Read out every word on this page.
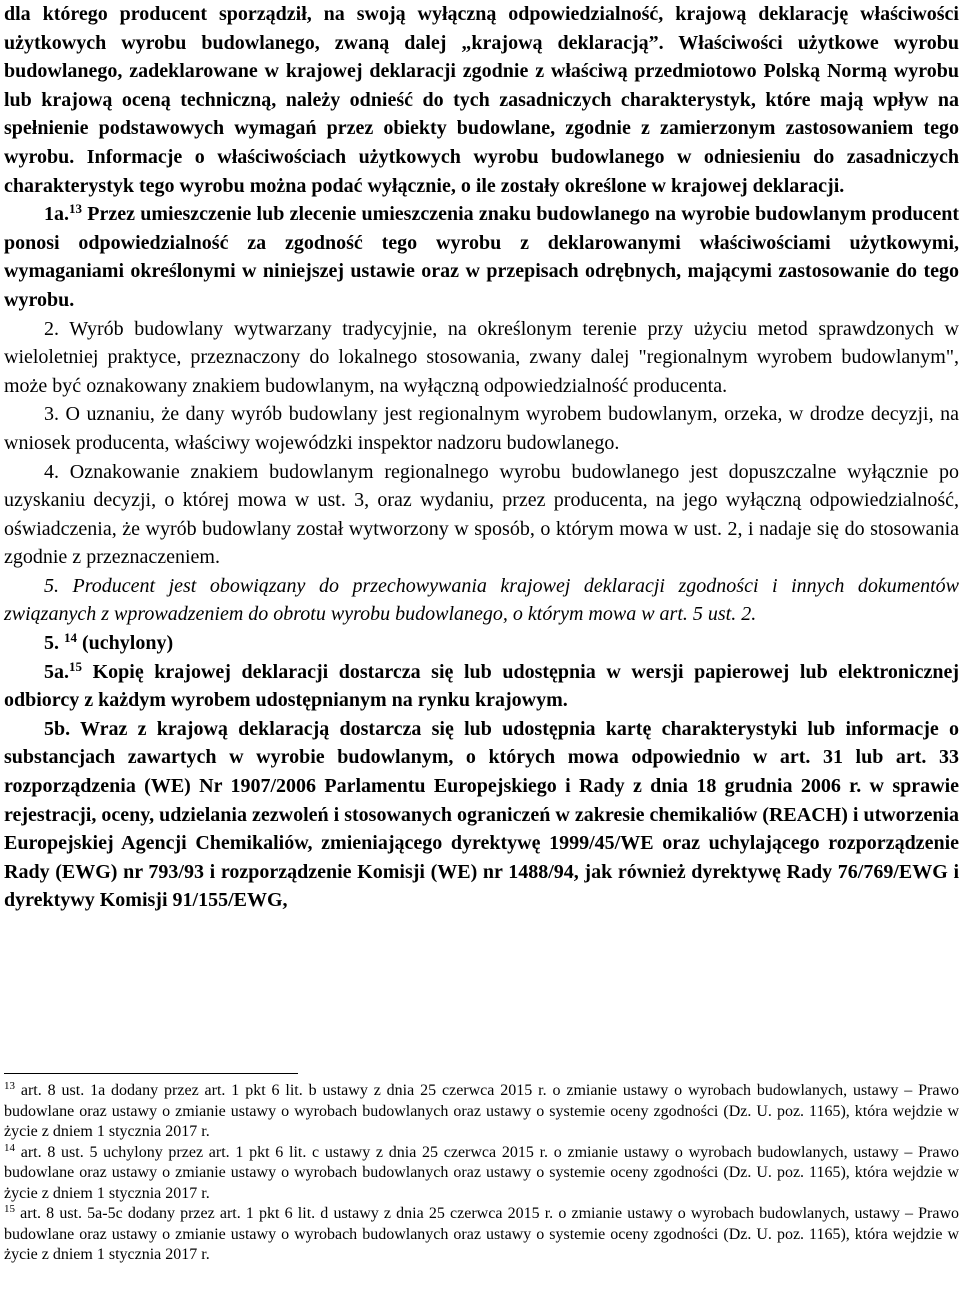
dla którego producent sporządził, na swoją wyłączną odpowiedzialność, krajową deklarację właściwości użytkowych wyrobu budowlanego, zwaną dalej „krajową deklaracją”. Właściwości użytkowe wyrobu budowlanego, zadeklarowane w krajowej deklaracji zgodnie z właściwą przedmiotowo Polską Normą wyrobu lub krajową oceną techniczną, należy odnieść do tych zasadniczych charakterystyk, które mają wpływ na spełnienie podstawowych wymagań przez obiekty budowlane, zgodnie z zamierzonym zastosowaniem tego wyrobu. Informacje o właściwościach użytkowych wyrobu budowlanego w odniesieniu do zasadniczych charakterystyk tego wyrobu można podać wyłącznie, o ile zostały określone w krajowej deklaracji.

1a.$^{13}$ Przez umieszczenie lub zlecenie umieszczenia znaku budowlanego na wyrobie budowlanym producent ponosi odpowiedzialność za zgodność tego wyrobu z deklarowanymi właściwościami użytkowymi, wymaganiami określonymi w niniejszej ustawie oraz w przepisach odrębnych, mającymi zastosowanie do tego wyrobu.

2. Wyrób budowlany wytwarzany tradycyjnie, na określonym terenie przy użyciu metod sprawdzonych w wieloletniej praktyce, przeznaczony do lokalnego stosowania, zwany dalej "regionalnym wyrobem budowlanym", może być oznakowany znakiem budowlanym, na wyłączną odpowiedzialność producenta.

3. O uznaniu, że dany wyrób budowlany jest regionalnym wyrobem budowlanym, orzeka, w drodze decyzji, na wniosek producenta, właściwy wojewódzki inspektor nadzoru budowlanego.

4. Oznakowanie znakiem budowlanym regionalnego wyrobu budowlanego jest dopuszczalne wyłącznie po uzyskaniu decyzji, o której mowa w ust. 3, oraz wydaniu, przez producenta, na jego wyłączną odpowiedzialność, oświadczenia, że wyrób budowlany został wytworzony w sposób, o którym mowa w ust. 2, i nadaje się do stosowania zgodnie z przeznaczeniem.

5. Producent jest obowiązany do przechowywania krajowej deklaracji zgodności i innych dokumentów związanych z wprowadzeniem do obrotu wyrobu budowlanego, o którym mowa w art. 5 ust. 2.

5. $^{14}$ (uchylony)

5a.$^{15}$ Kopię krajowej deklaracji dostarcza się lub udostępnia w wersji papierowej lub elektronicznej odbiorcy z każdym wyrobem udostępnianym na rynku krajowym.

5b. Wraz z krajową deklaracją dostarcza się lub udostępnia kartę charakterystyki lub informacje o substancjach zawartych w wyrobie budowlanym, o których mowa odpowiednio w art. 31 lub art. 33 rozporządzenia (WE) Nr 1907/2006 Parlamentu Europejskiego i Rady z dnia 18 grudnia 2006 r. w sprawie rejestracji, oceny, udzielania zezwoleń i stosowanych ograniczeń w zakresie chemikaliów (REACH) i utworzenia Europejskiej Agencji Chemikaliów, zmieniającego dyrektywę 1999/45/WE oraz uchylającego rozporządzenie Rady (EWG) nr 793/93 i rozporządzenie Komisji (WE) nr 1488/94, jak również dyrektywę Rady 76/769/EWG i dyrektywy Komisji 91/155/EWG,

$^{13}$ art. 8 ust. 1a dodany przez art. 1 pkt 6 lit. b ustawy z dnia 25 czerwca 2015 r. o zmianie ustawy o wyrobach budowlanych, ustawy ‒ Prawo budowlane oraz ustawy o zmianie ustawy o wyrobach budowlanych oraz ustawy o systemie oceny zgodności (Dz. U. poz. 1165), która wejdzie w życie z dniem 1 stycznia 2017 r.

$^{14}$ art. 8 ust. 5 uchylony przez art. 1 pkt 6 lit. c ustawy z dnia 25 czerwca 2015 r. o zmianie ustawy o wyrobach budowlanych, ustawy ‒ Prawo budowlane oraz ustawy o zmianie ustawy o wyrobach budowlanych oraz ustawy o systemie oceny zgodności (Dz. U. poz. 1165), która wejdzie w życie z dniem 1 stycznia 2017 r.

$^{15}$ art. 8 ust. 5a-5c dodany przez art. 1 pkt 6 lit. d ustawy z dnia 25 czerwca 2015 r. o zmianie ustawy o wyrobach budowlanych, ustawy ‒ Prawo budowlane oraz ustawy o zmianie ustawy o wyrobach budowlanych oraz ustawy o systemie oceny zgodności (Dz. U. poz. 1165), która wejdzie w życie z dniem 1 stycznia 2017 r.
